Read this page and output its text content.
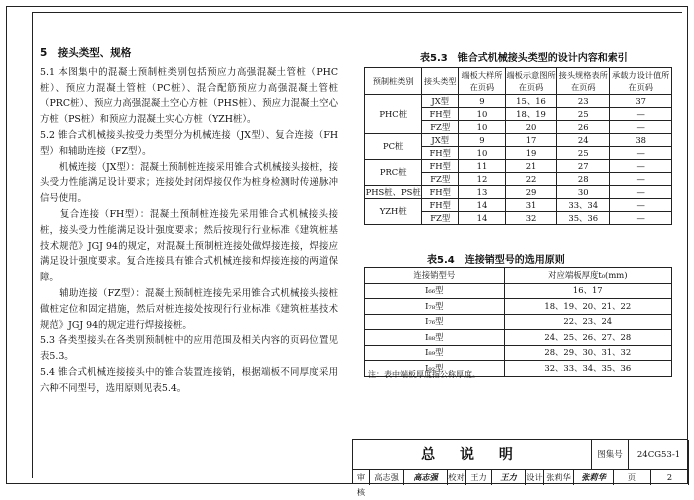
5　接头类型、规格

5.1 本图集中的混凝土预制桩类别包括预应力高强混凝土管桩（PHC桩）、预应力混凝土管桩（PC桩）、混合配筋预应力高强混凝土管桩（PRC桩）、预应力高强混凝土空心方桩（PHS桩）、预应力混凝土空心方桩（PS桩）和预应力混凝土实心方桩（YZH桩）。

5.2 锥合式机械接头按受力类型分为机械连接（JX型）、复合连接（FH型）和辅助连接（FZ型）。

　　机械连接（JX型）：混凝土预制桩连接采用锥合式机械接头接桩，接头受力性能满足设计要求；连接处封闭焊接仅作为桩身检测时传递脉冲信号使用。

　　复合连接（FH型）：混凝土预制桩连接先采用锥合式机械接头接桩，接头受力性能满足设计强度要求；然后按现行行业标准《建筑桩基技术规范》JGJ 94的规定，对混凝土预制桩连接处做焊接连接，焊接应满足设计强度要求。复合连接具有锥合式机械连接和焊接连接的两道保障。

　　辅助连接（FZ型）：混凝土预制桩连接先采用锥合式机械接头接桩做桩定位和固定措施，然后对桩连接处按现行行业标准《建筑桩基技术规范》JGJ 94的规定进行焊接接桩。

5.3 各类型接头在各类别预制桩中的应用范围及相关内容的页码位置见表5.3。

5.4 锥合式机械连接接头中的锥合装置连接销，根据端板不同厚度采用六种不同型号，选用原则见表5.4。

表5.3　锥合式机械接头类型的设计内容和索引
预制桩类别	接头类型	端板大样所在页码	端板示意图所在页码	接头规格表所在页码	承载力设计值所在页码
PHC桩	JX型	9	15、16	23	37
	FH型	10	18、19	25	—
	FZ型	10	20	26	—
PC桩	JX型	9	17	24	38
	FH型	10	19	25	—
PRC桩	FH型	11	21	27	—
	FZ型	12	22	28	—
PHS桩、PS桩	FH型	13	29	30	—
YZH桩	FH型	14	31	33、34	—
	FZ型	14	32	35、36	—
表5.4　连接销型号的选用原则
连接销型号	对应端板厚度t₀(mm)
I₆₆型	16、17
I₇₈型	18、19、20、21、22
I₇₆型	22、23、24
I₈₈型	24、25、26、27、28
I₈₉型	28、29、30、31、32
I₉₂型	32、33、34、35、36
注：表中端板厚度指公称厚度。
总 说 明	图集号	24CG53-1
审核
高志强	高志强	校对 王力	王力	设计 张莉华	张莉华	页	2
